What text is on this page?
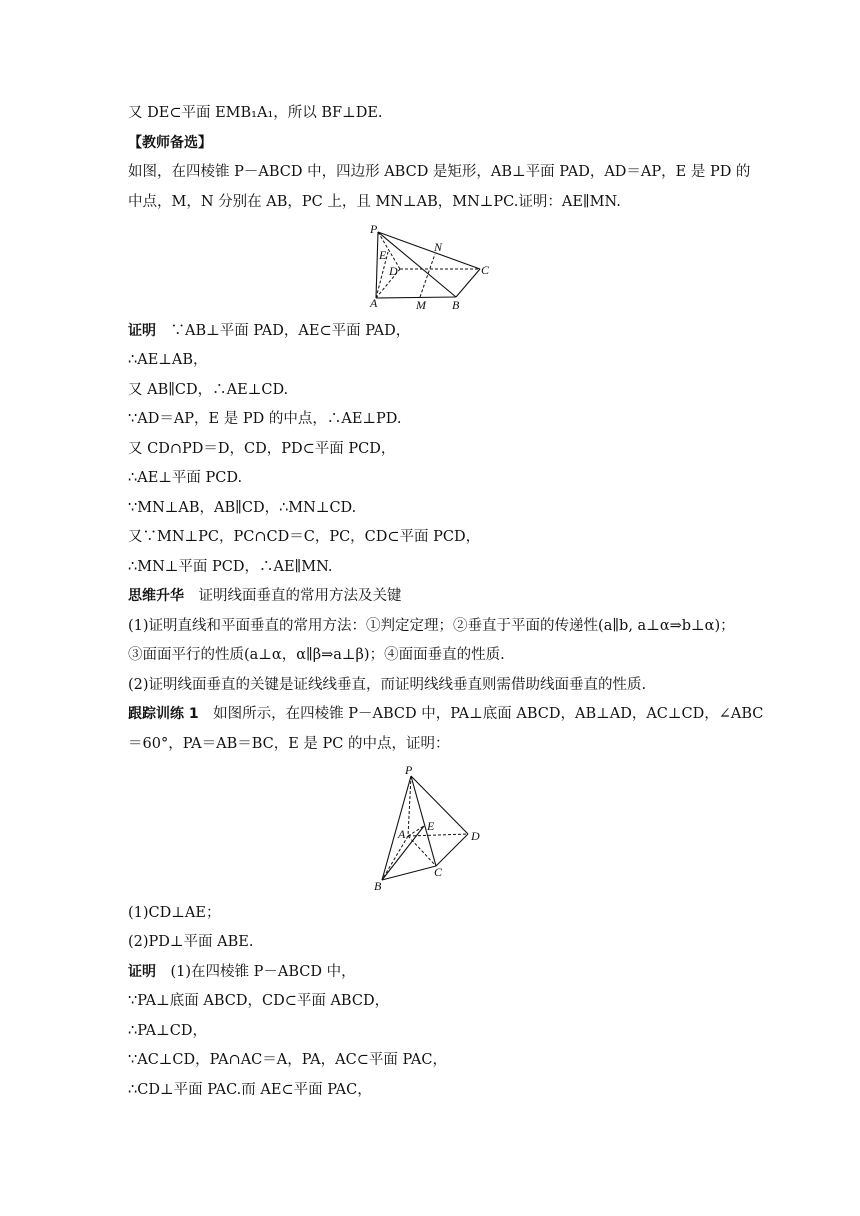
又 DE⊂平面 EMB₁A₁，所以 BF⊥DE.
【教师备选】
如图，在四棱锥 P－ABCD 中，四边形 ABCD 是矩形，AB⊥平面 PAD，AD＝AP，E 是 PD 的
中点，M，N 分别在 AB，PC 上，且 MN⊥AB，MN⊥PC.证明：AE∥MN.
P
N
E
D	C
A	M B
证明　∵AB⊥平面 PAD，AE⊂平面 PAD，
∴AE⊥AB，
又 AB∥CD，∴AE⊥CD.
∵AD＝AP，E 是 PD 的中点，∴AE⊥PD.
又 CD∩PD＝D，CD，PD⊂平面 PCD，
∴AE⊥平面 PCD.
∵MN⊥AB，AB∥CD，∴MN⊥CD.
又∵MN⊥PC，PC∩CD＝C，PC，CD⊂平面 PCD，
∴MN⊥平面 PCD，∴AE∥MN.
思维升华　证明线面垂直的常用方法及关键
(1)证明直线和平面垂直的常用方法：①判定定理；②垂直于平面的传递性(a∥b, a⊥α⇒b⊥α)；
③面面平行的性质(a⊥α，α∥β⇒a⊥β)；④面面垂直的性质.
(2)证明线面垂直的关键是证线线垂直，而证明线线垂直则需借助线面垂直的性质.
跟踪训练 1　如图所示，在四棱锥 P－ABCD 中，PA⊥底面 ABCD，AB⊥AD，AC⊥CD，∠ABC
＝60°，PA＝AB＝BC，E 是 PC 的中点，证明：
P
A
E
D
B
C
(1)CD⊥AE；
(2)PD⊥平面 ABE.
证明　(1)在四棱锥 P－ABCD 中，
∵PA⊥底面 ABCD，CD⊂平面 ABCD，
∴PA⊥CD，
∵AC⊥CD，PA∩AC＝A，PA，AC⊂平面 PAC，
∴CD⊥平面 PAC.而 AE⊂平面 PAC，
